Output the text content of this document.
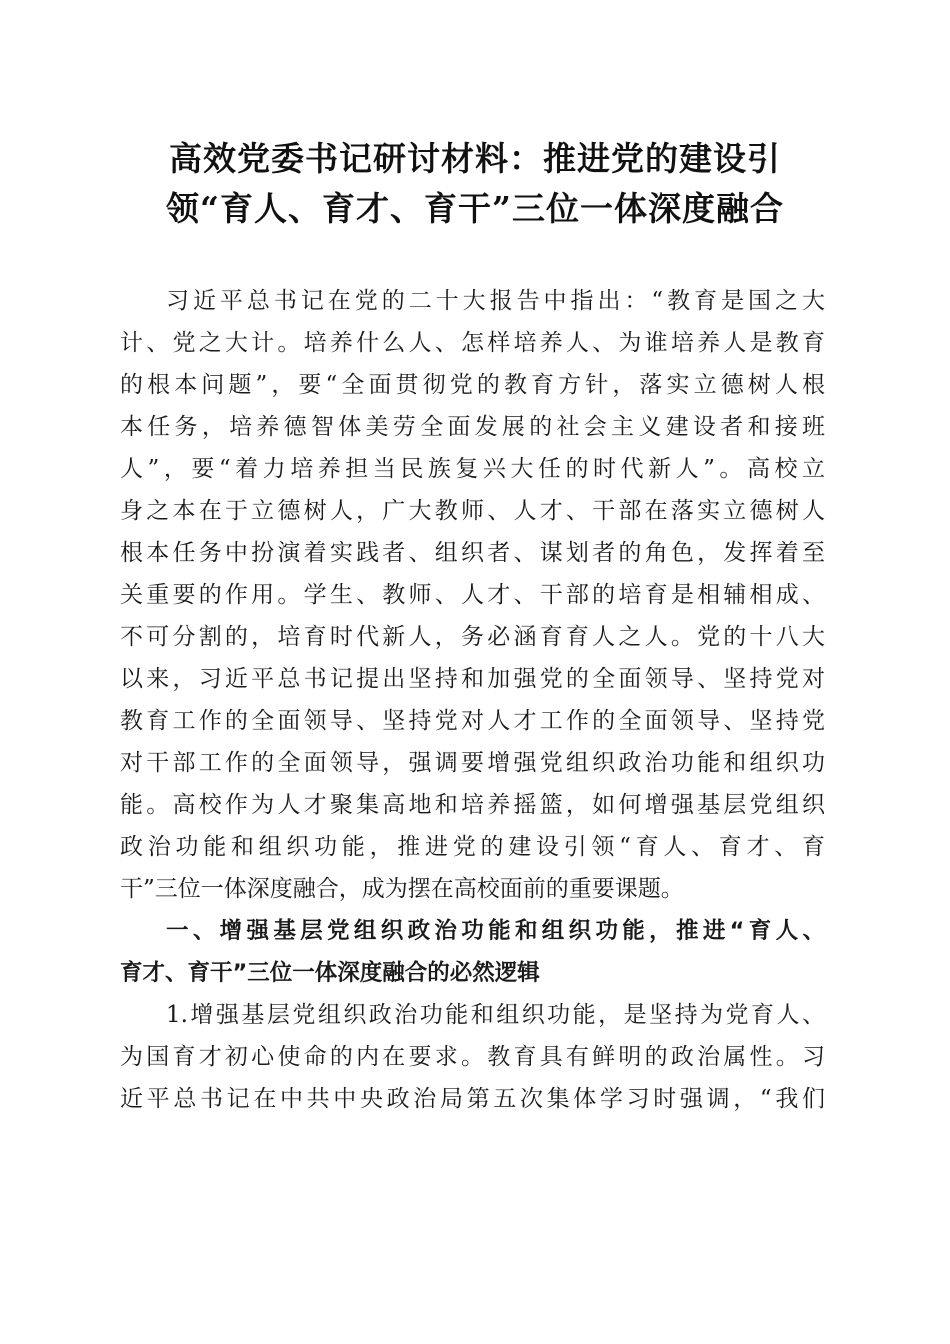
高效党委书记研讨材料：推进党的建设引
领“育人、育才、育干”三位一体深度融合
习近平总书记在党的二十大报告中指出：“教育是国之大
计、党之大计。培养什么人、怎样培养人、为谁培养人是教育
的根本问题”，要“全面贯彻党的教育方针，落实立德树人根
本任务，培养德智体美劳全面发展的社会主义建设者和接班
人”，要“着力培养担当民族复兴大任的时代新人”。高校立
身之本在于立德树人，广大教师、人才、干部在落实立德树人
根本任务中扮演着实践者、组织者、谋划者的角色，发挥着至
关重要的作用。学生、教师、人才、干部的培育是相辅相成、
不可分割的，培育时代新人，务必涵育育人之人。党的十八大
以来，习近平总书记提出坚持和加强党的全面领导、坚持党对
教育工作的全面领导、坚持党对人才工作的全面领导、坚持党
对干部工作的全面领导，强调要增强党组织政治功能和组织功
能。高校作为人才聚集高地和培养摇篮，如何增强基层党组织
政治功能和组织功能，推进党的建设引领“育人、育才、育
干”三位一体深度融合，成为摆在高校面前的重要课题。
一、增强基层党组织政治功能和组织功能，推进“育人、
育才、育干”三位一体深度融合的必然逻辑
1.增强基层党组织政治功能和组织功能，是坚持为党育人、
为国育才初心使命的内在要求。教育具有鲜明的政治属性。习
近平总书记在中共中央政治局第五次集体学习时强调，“我们
